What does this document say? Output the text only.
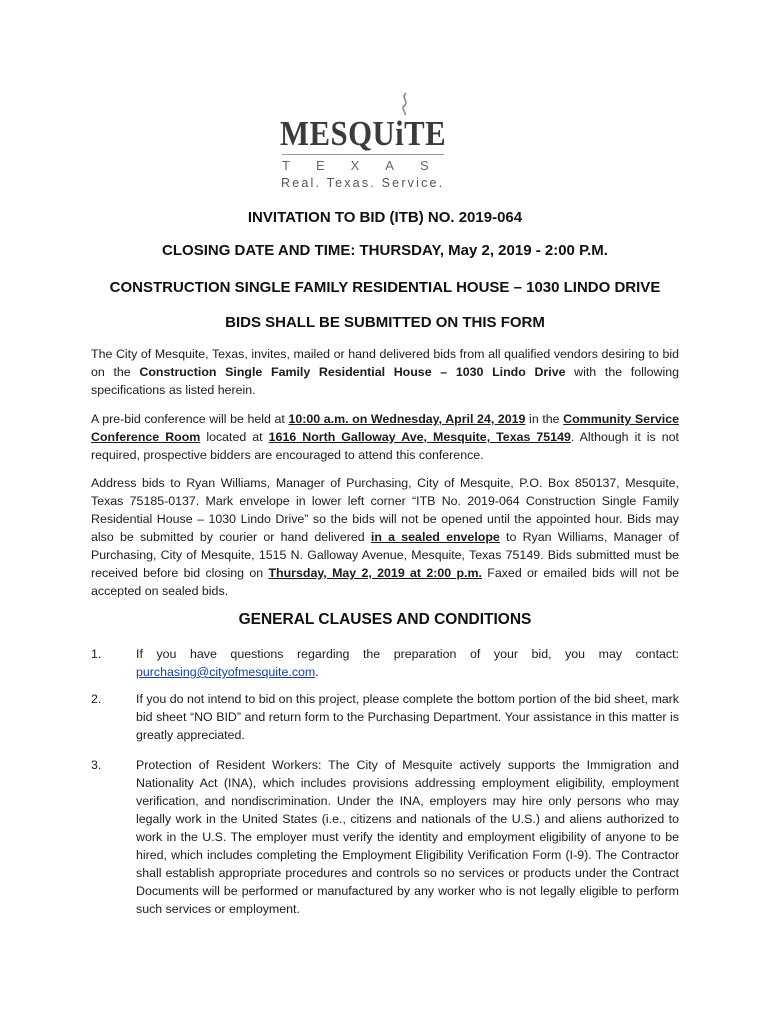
MESQUiTE
TEXAS
Real. Texas. Service.
INVITATION TO BID (ITB) NO. 2019-064
CLOSING DATE AND TIME: THURSDAY, May 2, 2019 - 2:00 P.M.
CONSTRUCTION SINGLE FAMILY RESIDENTIAL HOUSE – 1030 LINDO DRIVE
BIDS SHALL BE SUBMITTED ON THIS FORM

The City of Mesquite, Texas, invites, mailed or hand delivered bids from all qualified vendors desiring to bid on the Construction Single Family Residential House – 1030 Lindo Drive with the following specifications as listed herein.

A pre-bid conference will be held at 10:00 a.m. on Wednesday, April 24, 2019 in the Community Service Conference Room located at 1616 North Galloway Ave, Mesquite, Texas 75149. Although it is not required, prospective bidders are encouraged to attend this conference.

Address bids to Ryan Williams, Manager of Purchasing, City of Mesquite, P.O. Box 850137, Mesquite, Texas 75185-0137. Mark envelope in lower left corner “ITB No. 2019-064 Construction Single Family Residential House – 1030 Lindo Drive” so the bids will not be opened until the appointed hour. Bids may also be submitted by courier or hand delivered in a sealed envelope to Ryan Williams, Manager of Purchasing, City of Mesquite, 1515 N. Galloway Avenue, Mesquite, Texas 75149. Bids submitted must be received before bid closing on Thursday, May 2, 2019 at 2:00 p.m. Faxed or emailed bids will not be accepted on sealed bids.

GENERAL CLAUSES AND CONDITIONS
1.	If you have questions regarding the preparation of your bid, you may contact: purchasing@cityofmesquite.com.
2.	If you do not intend to bid on this project, please complete the bottom portion of the bid sheet, mark bid sheet “NO BID” and return form to the Purchasing Department. Your assistance in this matter is greatly appreciated.
3.	Protection of Resident Workers: The City of Mesquite actively supports the Immigration and Nationality Act (INA), which includes provisions addressing employment eligibility, employment verification, and nondiscrimination. Under the INA, employers may hire only persons who may legally work in the United States (i.e., citizens and nationals of the U.S.) and aliens authorized to work in the U.S. The employer must verify the identity and employment eligibility of anyone to be hired, which includes completing the Employment Eligibility Verification Form (I-9). The Contractor shall establish appropriate procedures and controls so no services or products under the Contract Documents will be performed or manufactured by any worker who is not legally eligible to perform such services or employment.
